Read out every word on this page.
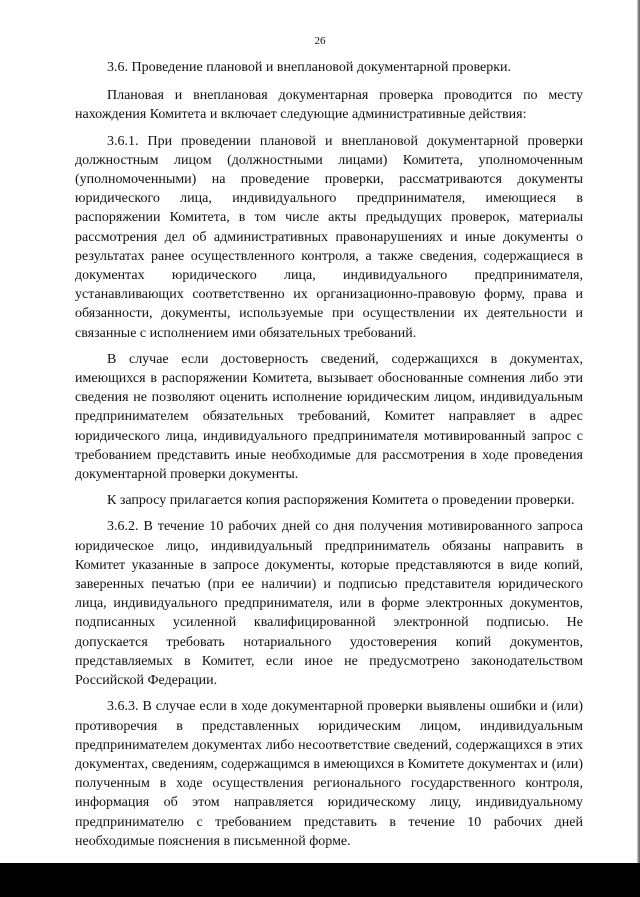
26

3.6. Проведение плановой и внеплановой документарной проверки.

Плановая и внеплановая документарная проверка проводится по месту нахождения Комитета и включает следующие административные действия:

3.6.1. При проведении плановой и внеплановой документарной проверки должностным лицом (должностными лицами) Комитета, уполномоченным (уполномоченными) на проведение проверки, рассматриваются документы юридического лица, индивидуального предпринимателя, имеющиеся в распоряжении Комитета, в том числе акты предыдущих проверок, материалы рассмотрения дел об административных правонарушениях и иные документы о результатах ранее осуществленного контроля, а также сведения, содержащиеся в документах юридического лица, индивидуального предпринимателя, устанавливающих соответственно их организационно-правовую форму, права и обязанности, документы, используемые при осуществлении их деятельности и связанные с исполнением ими обязательных требований.

В случае если достоверность сведений, содержащихся в документах, имеющихся в распоряжении Комитета, вызывает обоснованные сомнения либо эти сведения не позволяют оценить исполнение юридическим лицом, индивидуальным предпринимателем обязательных требований, Комитет направляет в адрес юридического лица, индивидуального предпринимателя мотивированный запрос с требованием представить иные необходимые для рассмотрения в ходе проведения документарной проверки документы.

К запросу прилагается копия распоряжения Комитета о проведении проверки.

3.6.2. В течение 10 рабочих дней со дня получения мотивированного запроса юридическое лицо, индивидуальный предприниматель обязаны направить в Комитет указанные в запросе документы, которые представляются в виде копий, заверенных печатью (при ее наличии) и подписью представителя юридического лица, индивидуального предпринимателя, или в форме электронных документов, подписанных усиленной квалифицированной электронной подписью. Не допускается требовать нотариального удостоверения копий документов, представляемых в Комитет, если иное не предусмотрено законодательством Российской Федерации.

3.6.3. В случае если в ходе документарной проверки выявлены ошибки и (или) противоречия в представленных юридическим лицом, индивидуальным предпринимателем документах либо несоответствие сведений, содержащихся в этих документах, сведениям, содержащимся в имеющихся в Комитете документах и (или) полученным в ходе осуществления регионального государственного контроля, информация об этом направляется юридическому лицу, индивидуальному предпринимателю с требованием представить в течение 10 рабочих дней необходимые пояснения в письменной форме.
